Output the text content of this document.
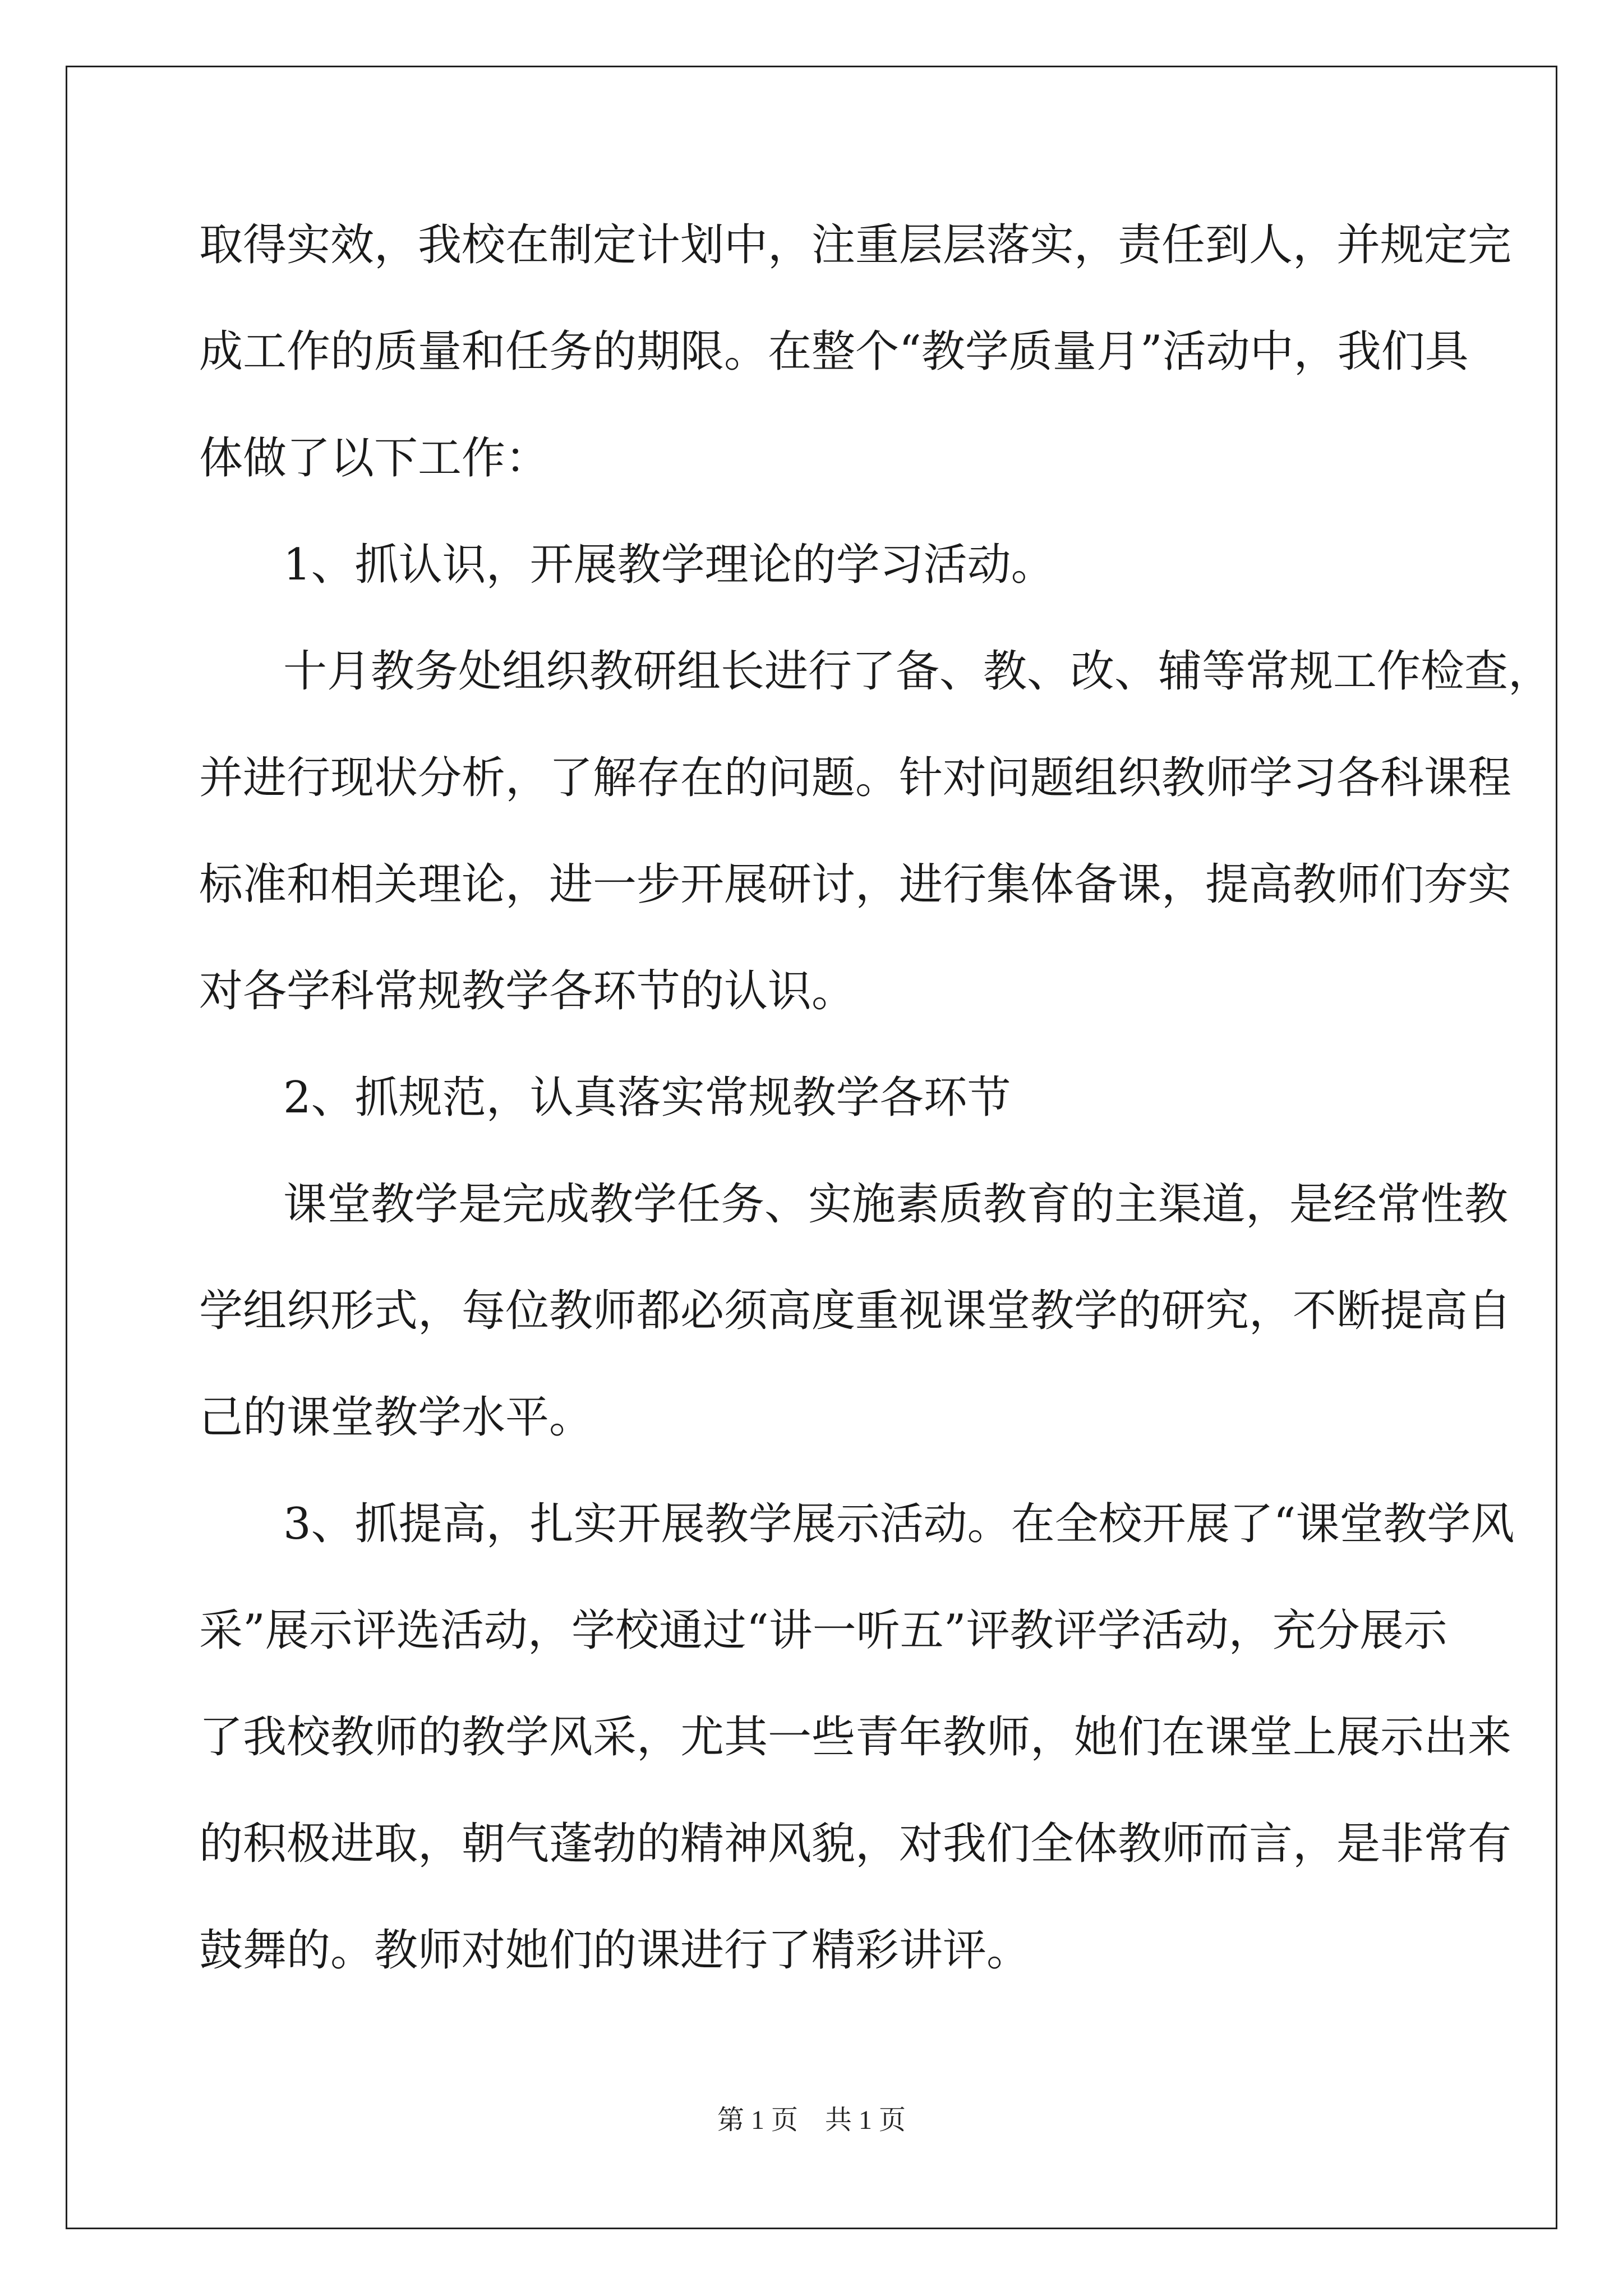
取得实效，我校在制定计划中，注重层层落实，责任到人，并规定完
成工作的质量和任务的期限。在整个“教学质量月”活动中，我们具
体做了以下工作：
1、抓认识，开展教学理论的学习活动。
十月教务处组织教研组长进行了备、教、改、辅等常规工作检查，
并进行现状分析，了解存在的问题。针对问题组织教师学习各科课程
标准和相关理论，进一步开展研讨，进行集体备课，提高教师们夯实
对各学科常规教学各环节的认识。
2、抓规范，认真落实常规教学各环节
课堂教学是完成教学任务、实施素质教育的主渠道，是经常性教
学组织形式，每位教师都必须高度重视课堂教学的研究，不断提高自
己的课堂教学水平。
3、抓提高，扎实开展教学展示活动。在全校开展了“课堂教学风
采”展示评选活动，学校通过“讲一听五”评教评学活动，充分展示
了我校教师的教学风采，尤其一些青年教师，她们在课堂上展示出来
的积极进取，朝气蓬勃的精神风貌，对我们全体教师而言，是非常有
鼓舞的。教师对她们的课进行了精彩讲评。
第 1 页　共 1 页
